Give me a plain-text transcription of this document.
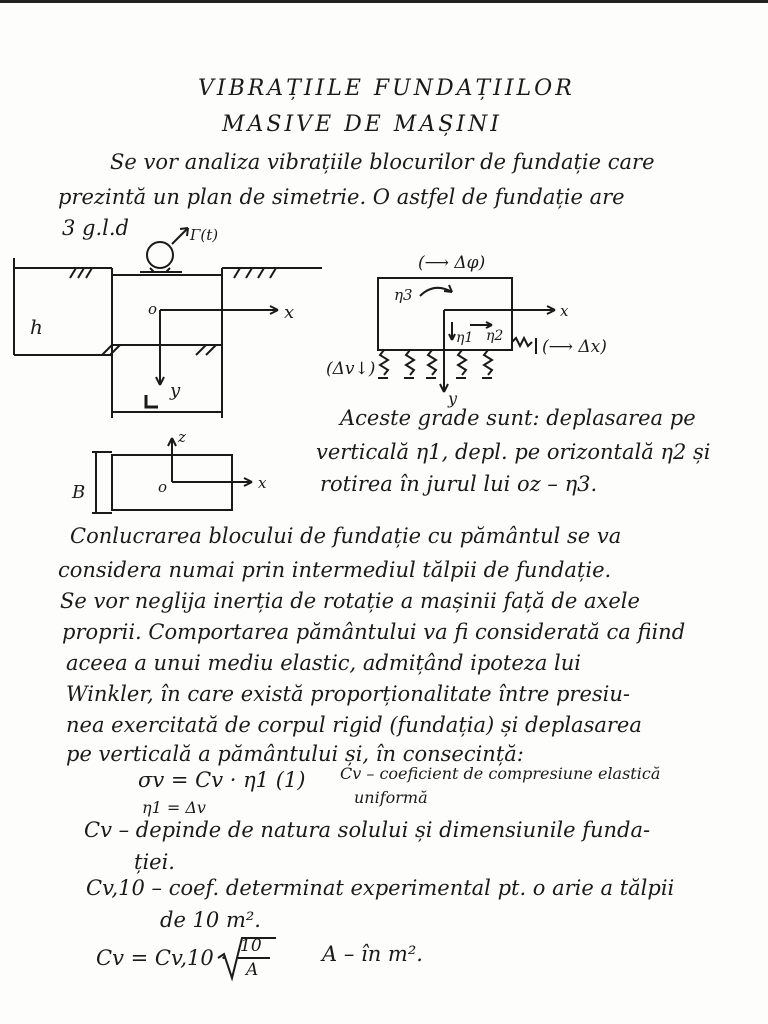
VIBRAȚIILE FUNDAȚIILOR
MASIVE DE MAȘINI
Se vor analiza vibrațiile blocurilor de fundație care
prezintă un plan de simetrie. O astfel de fundație are
3 g.l.d	Γ(t)
o	x
y
h
(⟶ Δφ)
η3
η1 η2
x
y
(Δv↓)
(⟶ Δx)
B
z
x
o
Aceste grade sunt: deplasarea pe
verticală η1, depl. pe orizontală η2 și
rotirea în jurul lui oz – η3.
Conlucrarea blocului de fundație cu pământul se va
considera numai prin intermediul tălpii de fundație.
Se vor neglija inerția de rotație a mașinii față de axele
proprii. Comportarea pământului va fi considerată ca fiind
aceea a unui mediu elastic, admițând ipoteza lui
Winkler, în care există proporționalitate între presiu-
nea exercitată de corpul rigid (fundația) și deplasarea
pe verticală a pământului și, în consecință:
σv = Cv · η1 (1)
η1 = Δv
Cv – coeficient de compresiune elastică
uniformă
Cv – depinde de natura solului și dimensiunile funda-
ției.
Cv,10 – coef. determinat experimental pt. o arie a tălpii
de 10 m².
Cv = Cv,10 · 10
A
A – în m².
